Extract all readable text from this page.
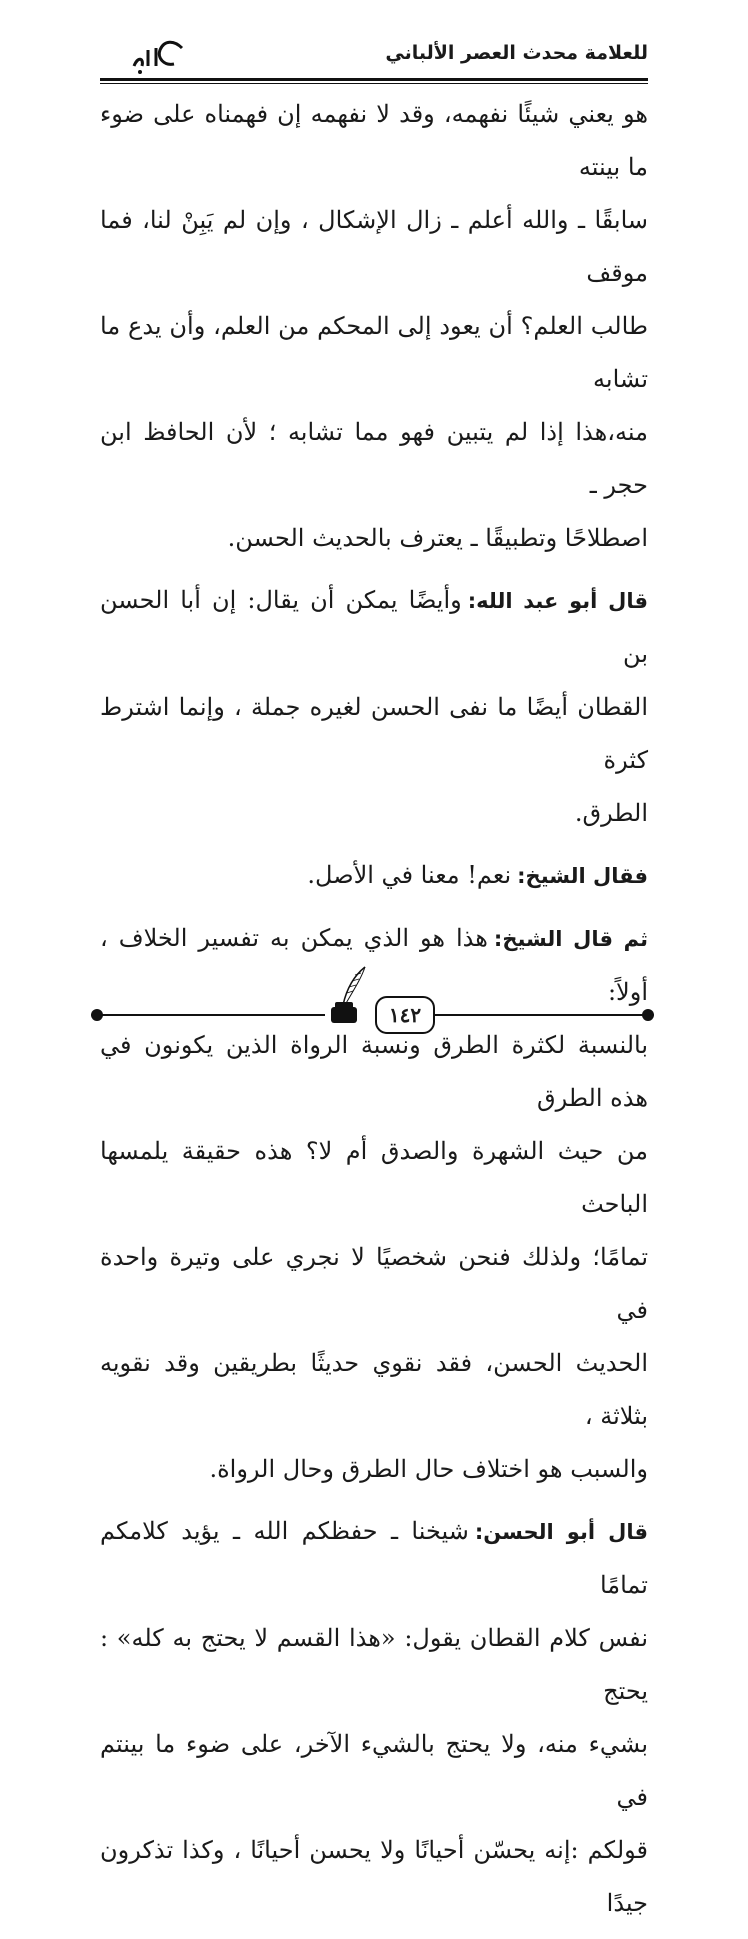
للعلامة محدث العصر الألباني

هو يعني شيئًا نفهمه، وقد لا نفهمه إن فهمناه على ضوء ما بينته
سابقًا ـ والله أعلم ـ زال الإشكال ، وإن لم يَبِنْ لنا، فما موقف
طالب العلم؟ أن يعود إلى المحكم من العلم، وأن يدع ما تشابه
منه،هذا إذا لم يتبين فهو مما تشابه ؛ لأن الحافظ ابن حجر ـ
اصطلاحًا وتطبيقًا ـ يعترف بالحديث الحسن.

قال أبو عبد الله:وأيضًا يمكن أن يقال: إن أبا الحسن بن
القطان أيضًا ما نفى الحسن لغيره جملة ، وإنما اشترط كثرة
الطرق.

فقال الشيخ:نعم! معنا في الأصل.

ثم قال الشيخ:هذا هو الذي يمكن به تفسير الخلاف ، أولاً:
بالنسبة لكثرة الطرق ونسبة الرواة الذين يكونون في هذه الطرق
من حيث الشهرة والصدق أم لا؟ هذه حقيقة يلمسها الباحث
تمامًا؛ ولذلك فنحن شخصيًا لا نجري على وتيرة واحدة في
الحديث الحسن، فقد نقوي حديثًا بطريقين وقد نقويه بثلاثة ،
والسبب هو اختلاف حال الطرق وحال الرواة.

قال أبو الحسن:شيخنا ـ حفظكم الله ـ يؤيد كلامكم تمامًا
نفس كلام القطان يقول: «هذا القسم لا يحتج به كله» : يحتج
بشيء منه، ولا يحتج بالشيء الآخر، على ضوء ما بينتم في
قولكم :إنه يحسّن أحيانًا ولا يحسن أحيانًا ، وكذا تذكرون جيدًا

١٤٢
